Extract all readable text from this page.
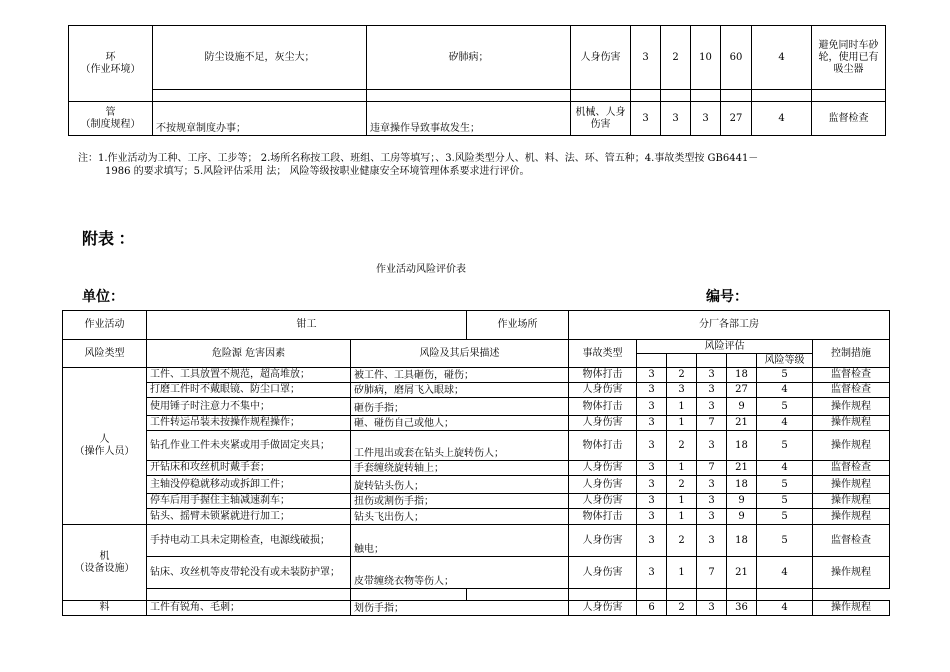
环
（作业环境）	防尘设施不足，灰尘大；	矽肺病；	人身伤害	3	2	10	60	4	避免同时车砂轮，使用已有吸尘器

管
（制度规程）	不按规章制度办事；	违章操作导致事故发生；	机械、人身伤害	3	3	3	27	4	监督检查
注：1.作业活动为工种、工序、工步等； 2.场所名称按工段、班组、工房等填写；、3.风险类型分人、机、料、法、环、管五种；4.事故类型按 GB6441－
1986 的要求填写；5.风险评估采用 法； 风险等级按职业健康安全环境管理体系要求进行评价。
附表 ：
作业活动风险评价表
单位：	编号：
作业活动	钳工		作业场所	分厂各部工房						
风险类型	危险源 危害因素	风险及其后果描述		事故类型	风险评估					控制措施
									风险等级	
人
（操作人员）	工件、工具放置不规范，超高堆放；	被工件、工具砸伤，碰伤；		物体打击	3	2	3	18	5	监督检查
	打磨工件时不戴眼镜、防尘口罩；	矽肺病，磨屑飞入眼球；		人身伤害	3	3	3	27	4	监督检查
	使用锤子时注意力不集中；	砸伤手指；		物体打击	3	1	3	9	5	操作规程
	工件转运吊装未按操作规程操作；	砸、碰伤自己或他人；		人身伤害	3	1	7	21	4	操作规程
	钻孔作业工件未夹紧或用手做固定夹具；	工件甩出或套在钻头上旋转伤人；		物体打击	3	2	3	18	5	操作规程
	开钻床和攻丝机时戴手套；	手套缠绕旋转轴上；		人身伤害	3	1	7	21	4	监督检查
	主轴没停稳就移动或拆卸工件；	旋转钻头伤人；		人身伤害	3	2	3	18	5	操作规程
	停车后用手握住主轴减速刹车；	扭伤或割伤手指；		人身伤害	3	1	3	9	5	操作规程
	钻头、摇臂未锁紧就进行加工；	钻头飞出伤人；		物体打击	3	1	3	9	5	操作规程
机
（设备设施）	手持电动工具未定期检查，电源线破损；	触电；		人身伤害	3	2	3	18	5	监督检查
	钻床、攻丝机等皮带轮没有或未装防护罩；	皮带缠绕衣物等伤人；		人身伤害	3	1	7	21	4	操作规程

料	工件有锐角、毛刺；	划伤手指；		人身伤害	6	2	3	36	4	操作规程
